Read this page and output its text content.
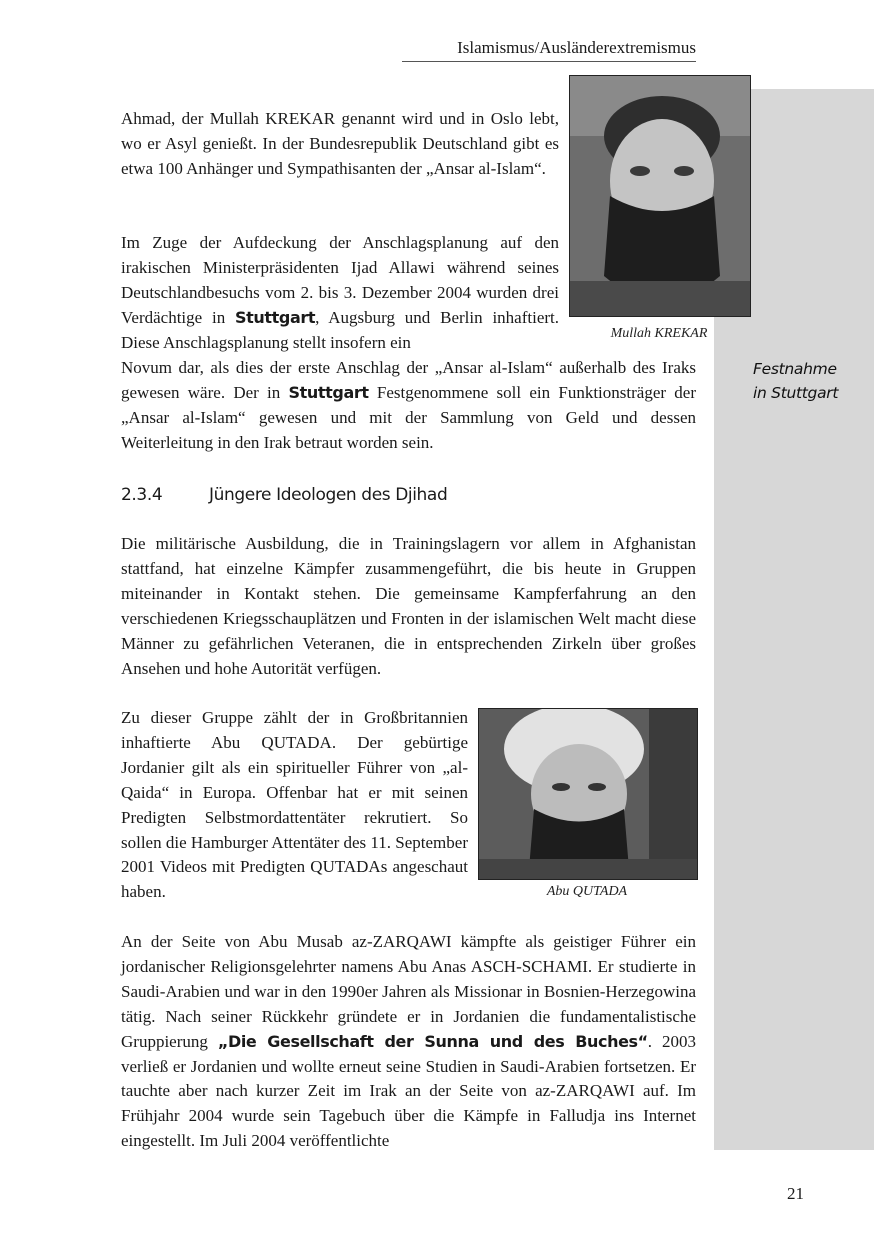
Islamismus/Ausländerextremismus
Mullah KREKAR
Festnahme
in Stuttgart

Ahmad, der Mullah KREKAR genannt wird und in Oslo lebt, wo er Asyl genießt. In der Bundesrepublik Deutschland gibt es etwa 100 Anhänger und Sympathisanten der „Ansar al-Islam“.

Im Zuge der Aufdeckung der Anschlagsplanung auf den irakischen Ministerpräsidenten Ijad Allawi während seines Deutschlandbesuchs vom 2. bis 3. Dezember 2004 wurden drei Verdächtige in Stuttgart, Augsburg und Berlin inhaftiert. Diese Anschlagsplanung stellt insofern ein

Novum dar, als dies der erste Anschlag der „Ansar al-Islam“ außerhalb des Iraks gewesen wäre. Der in Stuttgart Festgenommene soll ein Funktionsträger der „Ansar al-Islam“ gewesen und mit der Sammlung von Geld und dessen Weiterleitung in den Irak betraut worden sein.

2.3.4	Jüngere Ideologen des Djihad

Die militärische Ausbildung, die in Trainingslagern vor allem in Afghanistan stattfand, hat einzelne Kämpfer zusammengeführt, die bis heute in Gruppen miteinander in Kontakt stehen. Die gemeinsame Kampferfahrung an den verschiedenen Kriegsschauplätzen und Fronten in der islamischen Welt macht diese Männer zu gefährlichen Veteranen, die in entsprechenden Zirkeln über großes Ansehen und hohe Autorität verfügen.

Abu QUTADA

Zu dieser Gruppe zählt der in Großbritannien inhaftierte Abu QUTADA. Der gebürtige Jordanier gilt als ein spiritueller Führer von „al-Qaida“ in Europa. Offenbar hat er mit seinen Predigten Selbstmordattentäter rekrutiert. So sollen die Hamburger Attentäter des 11. September 2001 Videos mit Predigten QUTADAs angeschaut haben.

An der Seite von Abu Musab az-ZARQAWI kämpfte als geistiger Führer ein jordanischer Religionsgelehrter namens Abu Anas ASCH-SCHAMI. Er studierte in Saudi-Arabien und war in den 1990er Jahren als Missionar in Bosnien-Herzegowina tätig. Nach seiner Rückkehr gründete er in Jordanien die fundamentalistische Gruppierung „Die Gesellschaft der Sunna und des Buches“. 2003 verließ er Jordanien und wollte erneut seine Studien in Saudi-Arabien fortsetzen. Er tauchte aber nach kurzer Zeit im Irak an der Seite von az-ZARQAWI auf. Im Frühjahr 2004 wurde sein Tagebuch über die Kämpfe in Falludja ins Internet eingestellt. Im Juli 2004 veröffentlichte

21
